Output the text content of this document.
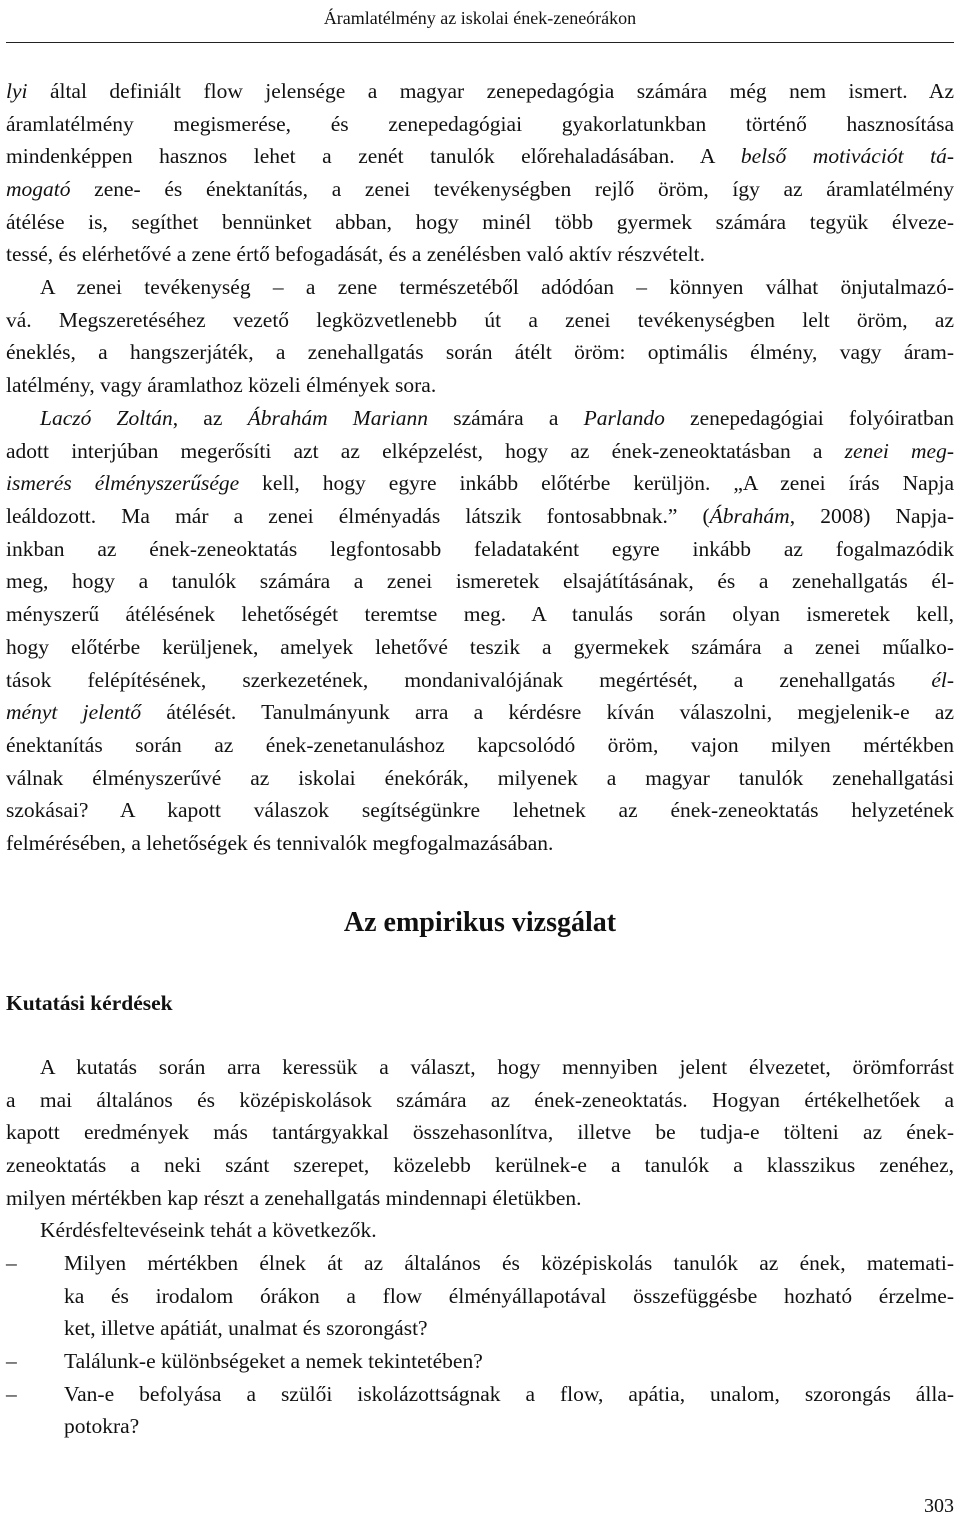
Áramlatélmény az iskolai ének-zeneórákon
lyi által definiált flow jelensége a magyar zenepedagógia számára még nem ismert. Az
áramlatélmény megismerése, és zenepedagógiai gyakorlatunkban történő hasznosítása
mindenképpen hasznos lehet a zenét tanulók előrehaladásában. A belső motivációt tá-
mogató zene- és énektanítás, a zenei tevékenységben rejlő öröm, így az áramlatélmény
átélése is, segíthet bennünket abban, hogy minél több gyermek számára tegyük élveze-
tessé, és elérhetővé a zene értő befogadását, és a zenélésben való aktív részvételt.
A zenei tevékenység – a zene természetéből adódóan – könnyen válhat önjutalmazó-
vá. Megszeretéséhez vezető legközvetlenebb út a zenei tevékenységben lelt öröm, az
éneklés, a hangszerjáték, a zenehallgatás során átélt öröm: optimális élmény, vagy áram-
latélmény, vagy áramlathoz közeli élmények sora.
Laczó Zoltán, az Ábrahám Mariann számára a Parlando zenepedagógiai folyóiratban
adott interjúban megerősíti azt az elképzelést, hogy az ének-zeneoktatásban a zenei meg-
ismerés élményszerűsége kell, hogy egyre inkább előtérbe kerüljön. „A zenei írás Napja
leáldozott. Ma már a zenei élményadás látszik fontosabbnak.” (Ábrahám, 2008) Napja-
inkban az ének-zeneoktatás legfontosabb feladataként egyre inkább az fogalmazódik
meg, hogy a tanulók számára a zenei ismeretek elsajátításának, és a zenehallgatás él-
ményszerű átélésének lehetőségét teremtse meg. A tanulás során olyan ismeretek kell,
hogy előtérbe kerüljenek, amelyek lehetővé teszik a gyermekek számára a zenei műalko-
tások felépítésének, szerkezetének, mondanivalójának megértését, a zenehallgatás él-
ményt jelentő átélését. Tanulmányunk arra a kérdésre kíván válaszolni, megjelenik-e az
énektanítás során az ének-zenetanuláshoz kapcsolódó öröm, vajon milyen mértékben
válnak élményszerűvé az iskolai énekórák, milyenek a magyar tanulók zenehallgatási
szokásai? A kapott válaszok segítségünkre lehetnek az ének-zeneoktatás helyzetének
felmérésében, a lehetőségek és tennivalók megfogalmazásában.
Az empirikus vizsgálat
Kutatási kérdések
A kutatás során arra keressük a választ, hogy mennyiben jelent élvezetet, örömforrást
a mai általános és középiskolások számára az ének-zeneoktatás. Hogyan értékelhetőek a
kapott eredmények más tantárgyakkal összehasonlítva, illetve be tudja-e tölteni az ének-
zeneoktatás a neki szánt szerepet, közelebb kerülnek-e a tanulók a klasszikus zenéhez,
milyen mértékben kap részt a zenehallgatás mindennapi életükben.
Kérdésfeltevéseink tehát a következők.
– Milyen mértékben élnek át az általános és középiskolás tanulók az ének, matemati-
ka és irodalom órákon a flow élményállapotával összefüggésbe hozható érzelme-
ket, illetve apátiát, unalmat és szorongást?
– Találunk-e különbségeket a nemek tekintetében?
– Van-e befolyása a szülői iskolázottságnak a flow, apátia, unalom, szorongás álla-
potokra?
303
